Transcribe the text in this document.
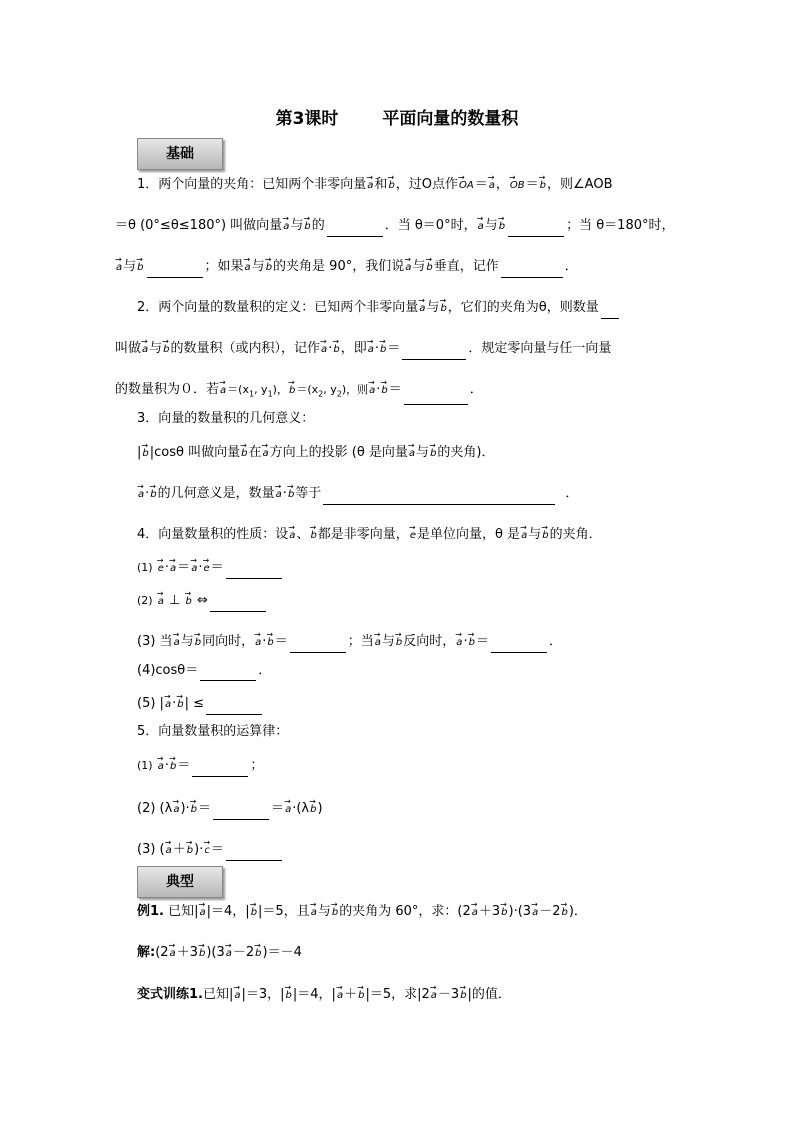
第3课时	平面向量的数量积
基础
1．两个向量的夹角：已知两个非零向量→ a和→ b，过O点作→ OA＝→ a，→ OB＝→ b，则∠AOB
＝θ (0°≤θ≤180°) 叫做向量→ a与→ b的	．当 θ＝0°时，→ a与→ b	；当 θ＝180°时，
→ a与→ b	；如果→ a与→ b的夹角是 90°，我们说→ a与→ b垂直，记作	．
2．两个向量的数量积的定义：已知两个非零向量→ a与→ b，它们的夹角为θ，则数量
叫做→ a与→ b的数量积（或内积），记作→ a·→ b，即→ a·→ b＝	．规定零向量与任一向量
的数量积为０．若→ $a=(x_1$, $y_1$)，→ $b=(x_2$, $y_2$)，则→ a·→ b＝	．
3．向量的数量积的几何意义：
|→ b|cosθ 叫做向量→ b在→ a方向上的投影 (θ 是向量→ a与→ b的夹角)．
→ a·→ b的几何意义是，数量→ a·→ b等于	．
4．向量数量积的性质：设→ a、→ b都是非零向量，→ e是单位向量，θ 是→ a与→ b的夹角．
(1) → e·→ a＝→ a·→ e＝
(2) → a ⊥ → b ⇔
(3) 当→ a与→ b同向时，→ a·→ b＝	；当→ a与→ b反向时，→ a·→ b＝	．
(4)cosθ＝	．
(5) |→ a·→ b| ≤
5．向量数量积的运算律：
(1) → a·→ b＝	；
(2) (λ→ a)·→ b＝	＝→ a·(λ→ b)
(3) (→ a＋→ b)·→ c＝
典型
例1. 已知|→ a|＝4，|→ b|＝5，且→ a与→ b的夹角为 60°，求：(2→ a＋3→ b)·(3→ a－2→ b)．
解:(2→ a＋3→ b)(3→ a－2→ b)＝－4
变式训练1.已知|→ a|＝3，|→ b|＝4，|→ a＋→ b|＝5，求|2→ a－3→ b|的值．
